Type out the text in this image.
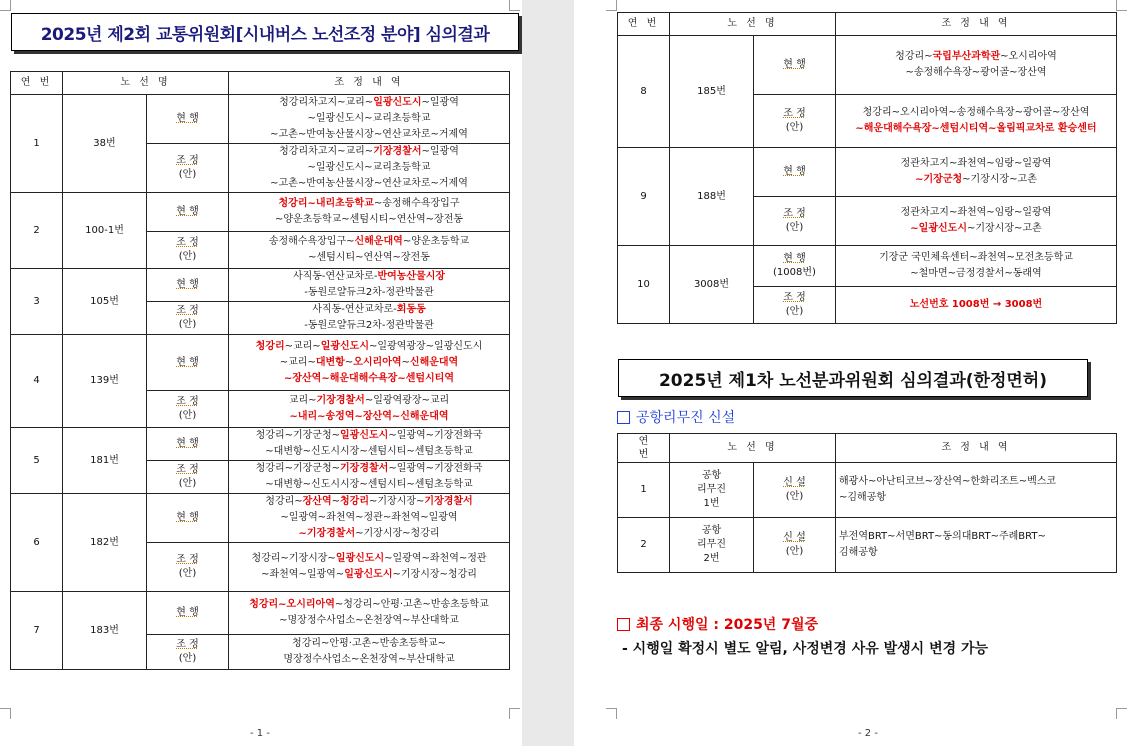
2025년 제2회 교통위원회[시내버스 노선조정 분야] 심의결과
연 번	노 선 명		조 정 내 역
1	38번	현 행	청강리차고지~교리~일광신도시~일광역
~일광신도시~교리초등학교
~고촌~반여농산물시장~연산교차로~거제역
		조 정
(안)	청강리차고지~교리~기장경찰서~일광역
~일광신도시~교리초등학교
~고촌~반여농산물시장~연산교차로~거제역
2	100-1번	현 행	청강리~내리초등학교~송정해수욕장입구
~양운초등학교~센텀시티~연산역~장전동
		조 정
(안)	송정해수욕장입구~신해운대역~양운초등학교
~센텀시티~연산역~장전동
3	105번	현 행	사직동-연산교차로-반여농산물시장
-동원로얄듀크2차-정관박물관
		조 정
(안)	사직동-연산교차로-회동동
-동원로얄듀크2차-정관박물관
4	139번	현 행	청강리~교리~일광신도시~일광역광장~일광신도시
~교리~대변항~오시리아역~신해운대역
~장산역~해운대해수욕장~센텀시티역
		조 정
(안)	교리~기장경찰서~일광역광장~교리
~내리~송정역~장산역~신해운대역
5	181번	현 행	청강리~기장군청~일광신도시~일광역~기장전화국
~대변항~신도시시장~센텀시티~센텀초등학교
		조 정
(안)	청강리~기장군청~기장경찰서~일광역~기장전화국
~대변항~신도시시장~센텀시티~센텀초등학교
6	182번	현 행	청강리~장산역~청강리~기장시장~기장경찰서
~일광역~좌천역~정관~좌천역~일광역
~기장경찰서~기장시장~청강리
		조 정
(안)	청강리~기장시장~일광신도시~일광역~좌천역~정관
~좌천역~일광역~일광신도시~기장시장~청강리
7	183번	현 행	청강리~오시리아역~청강리~안평·고촌~반송초등학교
~명장정수사업소~온천장역~부산대학교
		조 정
(안)	청강리~안평·고촌~반송초등학교~
명장정수사업소~온천장역~부산대학교
연 번	노 선 명		조 정 내 역
8	185번	현 행	청강리~국립부산과학관~오시리아역
~송정해수욕장~광어골~장산역
		조 정
(안)	청강리~오시리아역~송정해수욕장~광어골~장산역
~해운대해수욕장~센텀시티역~올림픽교차로 환승센터
9	188번	현 행	정관차고지~좌천역~임랑~일광역
~기장군청~기장시장~고촌
		조 정
(안)	정관차고지~좌천역~임랑~일광역
~일광신도시~기장시장~고촌
10	3008번	현 행
(1008번)	기장군 국민체육센터~좌천역~모전초등학교
~철마면~금정경찰서~동래역
		조 정
(안)	노선번호 1008번 → 3008번
2025년 제1차 노선분과위원회 심의결과(한정면허)
공항리무진 신설
연
번	노 선 명		조 정 내 역
1	공항
리무진
1번	신 설
(안)	해광사~아난티코브~장산역~한화리조트~벡스코
~김해공항
2	공항
리무진
2번	신 설
(안)	부전역BRT~서면BRT~동의대BRT~주례BRT~
김해공항
최종 시행일 : 2025년 7월중
- 시행일 확정시 별도 알림, 사정변경 사유 발생시 변경 가능
- 1 -	- 2 -
